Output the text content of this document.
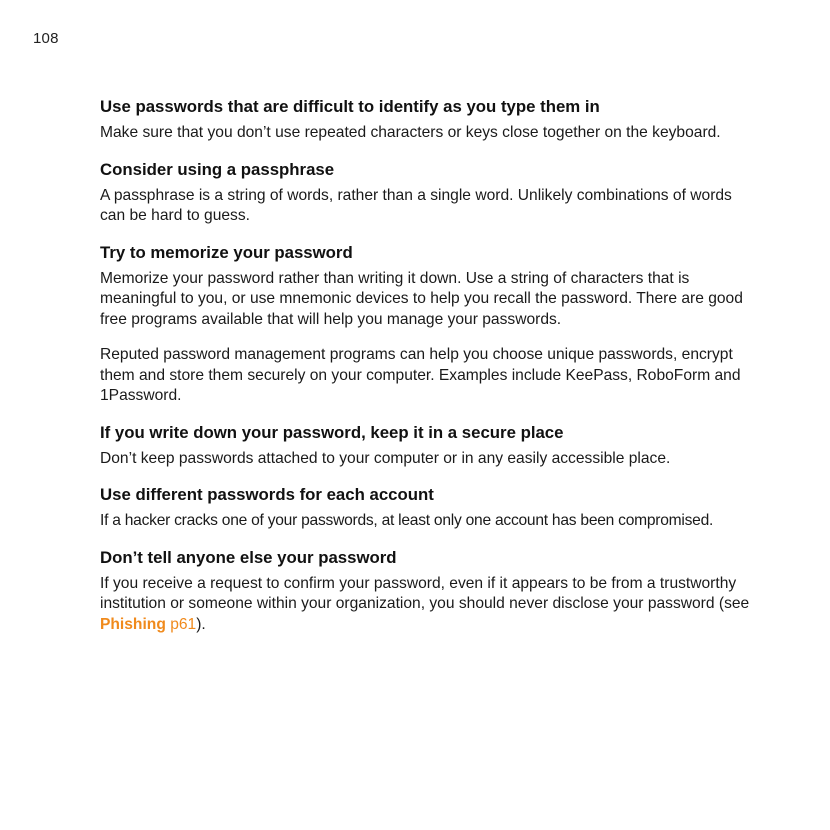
108
Use passwords that are difficult to identify as you type them in

Make sure that you don’t use repeated characters or keys close together on the keyboard.

Consider using a passphrase

A passphrase is a string of words, rather than a single word. Unlikely combinations of words can be hard to guess.

Try to memorize your password

Memorize your password rather than writing it down. Use a string of characters that is meaningful to you, or use mnemonic devices to help you recall the password. There are good free programs available that will help you manage your passwords.

Reputed password management programs can help you choose unique passwords, encrypt them and store them securely on your computer. Examples include KeePass, RoboForm and 1Password.

If you write down your password, keep it in a secure place

Don’t keep passwords attached to your computer or in any easily accessible place.

Use different passwords for each account

If a hacker cracks one of your passwords, at least only one account has been compromised.

Don’t tell anyone else your password

If you receive a request to confirm your password, even if it appears to be from a trustworthy institution or someone within your organization, you should never disclose your password (see Phishing p61).
